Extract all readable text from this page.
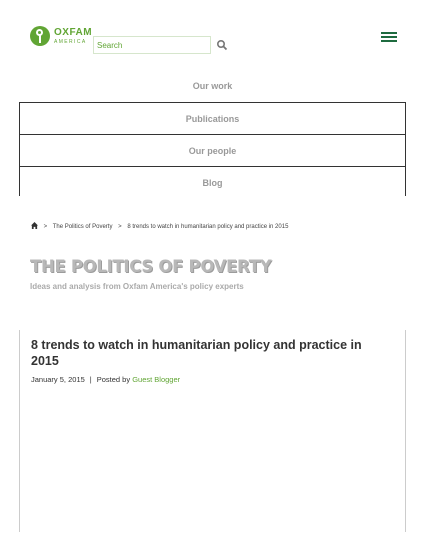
OXFAM
AMERICA
Search
Our work
Publications
Our people
Blog
> The Politics of Poverty > 8 trends to watch in humanitarian policy and practice in 2015
THE POLITICS OF POVERTY
Ideas and analysis from Oxfam America's policy experts
8 trends to watch in humanitarian policy and practice in 2015
January 5, 2015 | Posted by Guest Blogger
